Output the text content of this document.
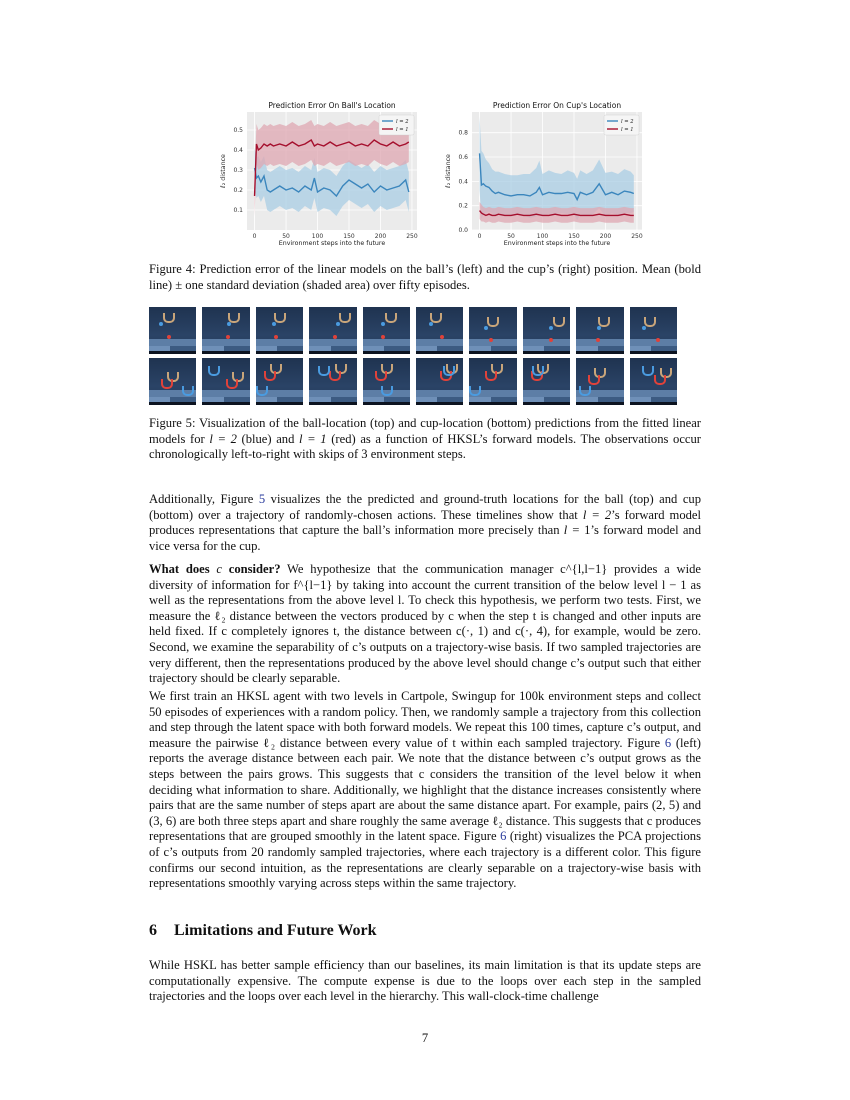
0	50	100	150	200	250
0.1
0.2
0.3
0.4
0.5
Prediction Error On Ball's Location
Environment steps into the future
ℓ₂ distance
l = 2
l = 1
0	50	100	150	200	250
0.0
0.2
0.4
0.6
0.8
Prediction Error On Cup's Location
Environment steps into the future
ℓ₂ distance
l = 2
l = 1
Figure 4: Prediction error of the linear models on the ball’s (left) and the cup’s (right) position. Mean (bold line) ± one standard deviation (shaded area) over fifty episodes.
Figure 5: Visualization of the ball-location (top) and cup-location (bottom) predictions from the fitted linear models for l = 2 (blue) and l = 1 (red) as a function of HKSL’s forward models. The observations occur chronologically left-to-right with skips of 3 environment steps.
Additionally, Figure 5 visualizes the the predicted and ground-truth locations for the ball (top) and cup (bottom) over a trajectory of randomly-chosen actions. These timelines show that l = 2’s forward model produces representations that capture the ball’s information more precisely than l = 1’s forward model and vice versa for the cup.
What does c consider? We hypothesize that the communication manager c^{l,l−1} provides a wide diversity of information for f^{l−1} by taking into account the current transition of the below level l − 1 as well as the representations from the above level l. To check this hypothesis, we perform two tests. First, we measure the ℓ₂ distance between the vectors produced by c when the step t is changed and other inputs are held fixed. If c completely ignores t, the distance between c(·, 1) and c(·, 4), for example, would be zero. Second, we examine the separability of c’s outputs on a trajectory-wise basis. If two sampled trajectories are very different, then the representations produced by the above level should change c’s output such that either trajectory should be clearly separable.
We first train an HKSL agent with two levels in Cartpole, Swingup for 100k environment steps and collect 50 episodes of experiences with a random policy. Then, we randomly sample a trajectory from this collection and step through the latent space with both forward models. We repeat this 100 times, capture c’s output, and measure the pairwise ℓ₂ distance between every value of t within each sampled trajectory. Figure 6 (left) reports the average distance between each pair. We note that the distance between c’s output grows as the steps between the pairs grows. This suggests that c considers the transition of the level below it when deciding what information to share. Additionally, we highlight that the distance increases consistently where pairs that are the same number of steps apart are about the same distance apart. For example, pairs (2, 5) and (3, 6) are both three steps apart and share roughly the same average ℓ₂ distance. This suggests that c produces representations that are grouped smoothly in the latent space. Figure 6 (right) visualizes the PCA projections of c’s outputs from 20 randomly sampled trajectories, where each trajectory is a different color. This figure confirms our second intuition, as the representations are clearly separable on a trajectory-wise basis with representations smoothly varying across steps within the same trajectory.
6 Limitations and Future Work
While HSKL has better sample efficiency than our baselines, its main limitation is that its update steps are computationally expensive. The compute expense is due to the loops over each step in the sampled trajectories and the loops over each level in the hierarchy. This wall-clock-time challenge
7
